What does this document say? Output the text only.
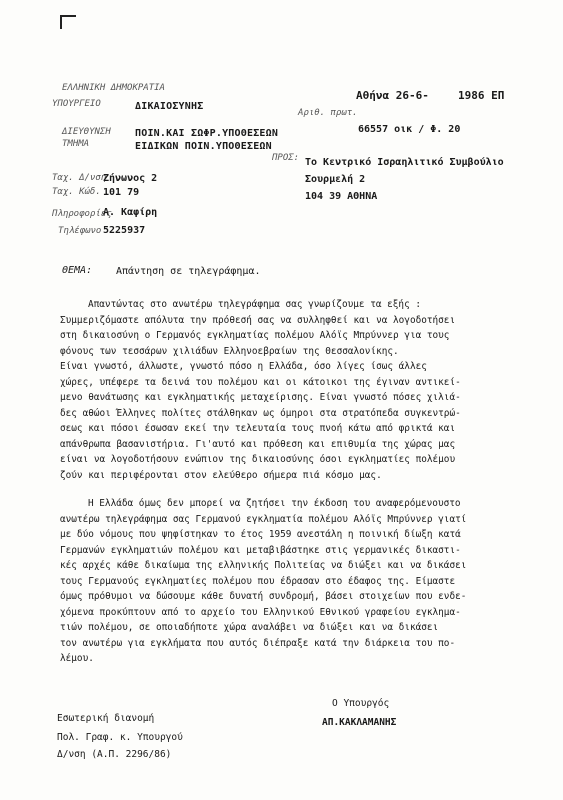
ΕΛΛΗΝΙΚΗ ΔΗΜΟΚΡΑΤΙΑ
ΥΠΟΥΡΓΕΙΟ	ΔΙΚΑΙΟΣΥΝΗΣ
ΔΙΕΥΘΥΝΣΗ ΠΟΙΝ.ΚΑΙ ΣΩΦΡ.ΥΠΟΘΕΣΕΩΝ
ΤΜΗΜΑ	ΕΙΔΙΚΩΝ ΠΟΙΝ.ΥΠΟΘΕΣΕΩΝ
Ταχ. Δ/νση
Ζήνωνος 2
Ταχ. Κώδ. 101 79
Πληροφορίες
Α. Καφίρη
Τηλέφωνο 5225937
Αθήνα 26-6-	1986 ΕΠ
Αριθ. πρωτ.
66557 οικ / Φ. 20
ΠΡΟΣ: Το Κεντρικό Ισραηλιτικό Συμβούλιο
Σουρμελή 2
104 39 ΑΘΗΝΑ
ΘΕΜΑ: Απάντηση σε τηλεγράφημα.
Απαντώντας στο ανωτέρω τηλεγράφημα σας γνωρίζουμε τα εξής :
Συμμεριζόμαστε απόλυτα την πρόθεσή σας να συλληφθεί και να λογοδοτήσει
στη δικαιοσύνη ο Γερμανός εγκληματίας πολέμου Αλόϊς Μπρύννερ για τους
φόνους των τεσσάρων χιλιάδων Ελληνοεβραίων της Θεσσαλονίκης.
Είναι γνωστό, άλλωστε, γνωστό πόσο η Ελλάδα, όσο λίγες ίσως άλλες
χώρες, υπέφερε τα δεινά του πολέμου και οι κάτοικοι της έγιναν αντικεί-
μενο θανάτωσης και εγκληματικής μεταχείρισης. Είναι γνωστό πόσες χιλιά-
δες αθώοι Έλληνες πολίτες στάλθηκαν ως όμηροι στα στρατόπεδα συγκεντρώ-
σεως και πόσοι έσωσαν εκεί την τελευταία τους πνοή κάτω από φρικτά και
απάνθρωπα βασανιστήρια. Γι'αυτό και πρόθεση και επιθυμία της χώρας μας
είναι να λογοδοτήσουν ενώπιον της δικαιοσύνης όσοι εγκληματίες πολέμου
ζούν και περιφέρονται στον ελεύθερο σήμερα πιά κόσμο μας.
Η Ελλάδα όμως δεν μπορεί να ζητήσει την έκδοση του αναφερόμενουστο
ανωτέρω τηλεγράφημα σας Γερμανού εγκληματία πολέμου Αλόϊς Μπρύννερ γιατί
με δύο νόμους που ψηφίστηκαν το έτος 1959 ανεστάλη η ποινική δίωξη κατά
Γερμανών εγκληματιών πολέμου και μεταβιβάστηκε στις γερμανικές δικαστι-
κές αρχές κάθε δικαίωμα της ελληνικής Πολιτείας να διώξει και να δικάσει
τους Γερμανούς εγκληματίες πολέμου που έδρασαν στο έδαφος της. Είμαστε
όμως πρόθυμοι να δώσουμε κάθε δυνατή συνδρομή, βάσει στοιχείων που ενδε-
χόμενα προκύπτουν από το αρχείο του Ελληνικού Εθνικού γραφείου εγκλημα-
τιών πολέμου, σε οποιαδήποτε χώρα αναλάβει να διώξει και να δικάσει
τον ανωτέρω για εγκλήματα που αυτός διέπραξε κατά την διάρκεια του πο-
λέμου.
Ο Υπουργός
ΑΠ.ΚΑΚΛΑΜΑΝΗΣ
Εσωτερική διανομή
Πολ. Γραφ. κ. Υπουργού
Δ/νση (Α.Π. 2296/86)
